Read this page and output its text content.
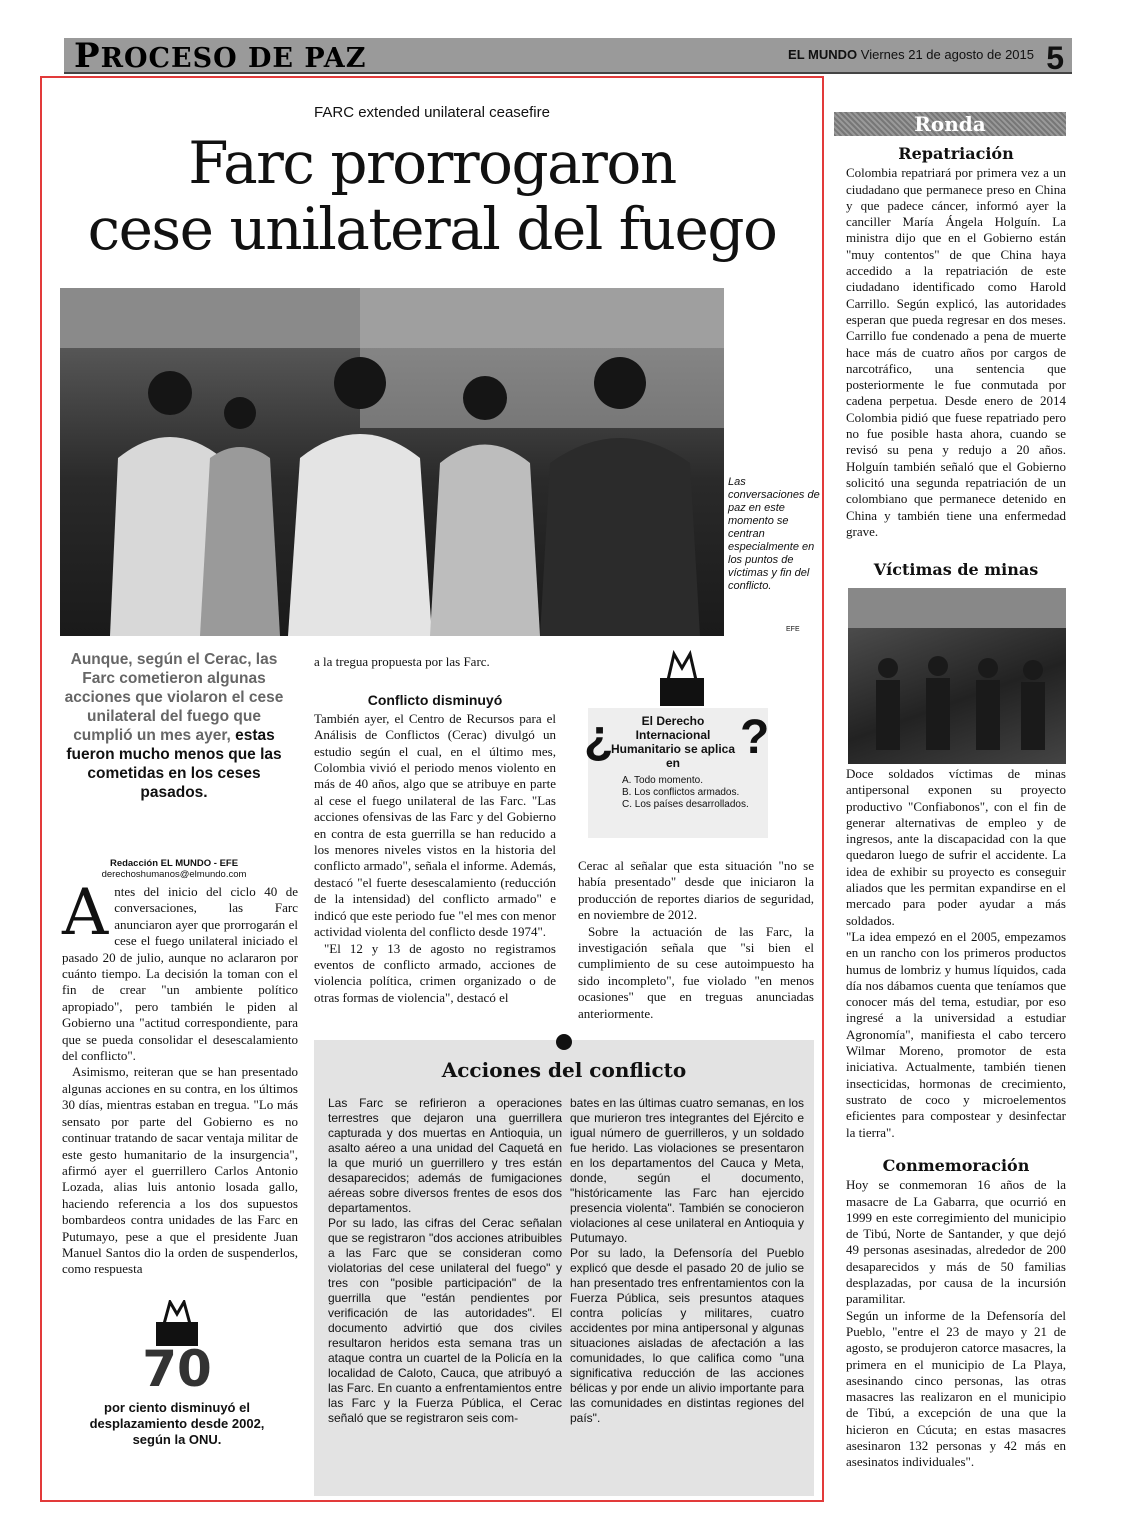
PROCESO DE PAZ	EL MUNDO Viernes 21 de agosto de 2015 5
FARC extended unilateral ceasefire
Farc prorrogaron
cese unilateral del fuego
Las conversaciones de paz en este momento se centran especialmente en los puntos de víctimas y fin del conflicto.
EFE
Aunque, según el Cerac, las Farc cometieron algunas acciones que violaron el cese unilateral del fuego que cumplió un mes ayer, estas fueron mucho menos que las cometidas en los ceses pasados.
Redacción EL MUNDO - EFE
derechoshumanos@elmundo.com
A ntes del inicio del ciclo 40 de conversaciones, las Farc anunciaron ayer que prorrogarán el cese el fuego unilateral iniciado el pasado 20 de julio, aunque no aclararon por cuánto tiempo. La decisión la toman con el fin de crear "un ambiente político apropiado", pero también le piden al Gobierno una "actitud correspondiente, para que se pueda consolidar el desescalamiento del conflicto".

Asimismo, reiteran que se han presentado algunas acciones en su contra, en los últimos 30 días, mientras estaban en tregua. "Lo más sensato por parte del Gobierno es no continuar tratando de sacar ventaja militar de este gesto humanitario de la insurgencia", afirmó ayer el guerrillero Carlos Antonio Lozada, alias luis antonio losada gallo, haciendo referencia a los dos supuestos bombardeos contra unidades de las Farc en Putumayo, pese a que el presidente Juan Manuel Santos dio la orden de suspenderlos, como respuesta

a la tregua propuesta por las Farc.

Conflicto disminuyó

También ayer, el Centro de Recursos para el Análisis de Conflictos (Cerac) divulgó un estudio según el cual, en el último mes, Colombia vivió el periodo menos violento en más de 40 años, algo que se atribuye en parte al cese el fuego unilateral de las Farc. "Las acciones ofensivas de las Farc y del Gobierno en contra de esta guerrilla se han reducido a los menores niveles vistos en la historia del conflicto armado", señala el informe. Además, destacó "el fuerte desescalamiento (reducción de la intensidad) del conflicto armado" e indicó que este periodo fue "el mes con menor actividad violenta del conflicto desde 1974".

"El 12 y 13 de agosto no registramos eventos de conflicto armado, acciones de violencia política, crimen organizado o de otras formas de violencia", destacó el

¿	?
El Derecho Internacional Humanitario se aplica en
A. Todo momento.
B. Los conflictos armados.
C. Los países desarrollados.

Cerac al señalar que esta situación "no se había presentado" desde que iniciaron la producción de reportes diarios de seguridad, en noviembre de 2012.

Sobre la actuación de las Farc, la investigación señala que "si bien el cumplimiento de su cese autoimpuesto ha sido incompleto", fue violado "en menos ocasiones" que en treguas anunciadas anteriormente.

Acciones del conflicto

Las Farc se refirieron a operaciones terrestres que dejaron una guerrillera capturada y dos muertas en Antioquia, un asalto aéreo a una unidad del Caquetá en la que murió un guerrillero y tres están desaparecidos; además de fumigaciones aéreas sobre diversos frentes de esos dos departamentos.

Por su lado, las cifras del Cerac señalan que se registraron "dos acciones atribuibles a las Farc que se consideran como violatorias del cese unilateral del fuego" y tres con "posible participación" de la guerrilla que "están pendientes por verificación de las autoridades". El documento advirtió que dos civiles resultaron heridos esta semana tras un ataque contra un cuartel de la Policía en la localidad de Caloto, Cauca, que atribuyó a las Farc. En cuanto a enfrentamientos entre las Farc y la Fuerza Pública, el Cerac señaló que se registraron seis com-

bates en las últimas cuatro semanas, en los que murieron tres integrantes del Ejército e igual número de guerrilleros, y un soldado fue herido. Las violaciones se presentaron en los departamentos del Cauca y Meta, donde, según el documento, "históricamente las Farc han ejercido presencia violenta". También se conocieron violaciones al cese unilateral en Antioquia y Putumayo.

Por su lado, la Defensoría del Pueblo explicó que desde el pasado 20 de julio se han presentado tres enfrentamientos con la Fuerza Pública, seis presuntos ataques contra policías y militares, cuatro accidentes por mina antipersonal y algunas situaciones aisladas de afectación a las comunidades, lo que califica como "una significativa reducción de las acciones bélicas y por ende un alivio importante para las comunidades en distintas regiones del país".

70
por ciento disminuyó el desplazamiento desde 2002, según la ONU.
Ronda
Repatriación

Colombia repatriará por primera vez a un ciudadano que permanece preso en China y que padece cáncer, informó ayer la canciller María Ángela Holguín. La ministra dijo que en el Gobierno están "muy contentos" de que China haya accedido a la repatriación de este ciudadano identificado como Harold Carrillo. Según explicó, las autoridades esperan que pueda regresar en dos meses. Carrillo fue condenado a pena de muerte hace más de cuatro años por cargos de narcotráfico, una sentencia que posteriormente le fue conmutada por cadena perpetua. Desde enero de 2014 Colombia pidió que fuese repatriado pero no fue posible hasta ahora, cuando se revisó su pena y redujo a 20 años. Holguín también señaló que el Gobierno solicitó una segunda repatriación de un colombiano que permanece detenido en China y también tiene una enfermedad grave.

Víctimas de minas

Doce soldados víctimas de minas antipersonal exponen su proyecto productivo "Confiabonos", con el fin de generar alternativas de empleo y de ingresos, ante la discapacidad con la que quedaron luego de sufrir el accidente. La idea de exhibir su proyecto es conseguir aliados que les permitan expandirse en el mercado para poder ayudar a más soldados.

"La idea empezó en el 2005, empezamos en un rancho con los primeros productos humus de lombriz y humus líquidos, cada día nos dábamos cuenta que teníamos que conocer más del tema, estudiar, por eso ingresé a la universidad a estudiar Agronomía", manifiesta el cabo tercero Wilmar Moreno, promotor de esta iniciativa. Actualmente, también tienen insecticidas, hormonas de crecimiento, sustrato de coco y microelementos eficientes para compostear y desinfectar la tierra".

Conmemoración

Hoy se conmemoran 16 años de la masacre de La Gabarra, que ocurrió en 1999 en este corregimiento del municipio de Tibú, Norte de Santander, y que dejó 49 personas asesinadas, alrededor de 200 desaparecidos y más de 50 familias desplazadas, por causa de la incursión paramilitar.

Según un informe de la Defensoría del Pueblo, "entre el 23 de mayo y 21 de agosto, se produjeron catorce masacres, la primera en el municipio de La Playa, asesinando cinco personas, las otras masacres las realizaron en el municipio de Tibú, a excepción de una que la hicieron en Cúcuta; en estas masacres asesinaron 132 personas y 42 más en asesinatos individuales".
